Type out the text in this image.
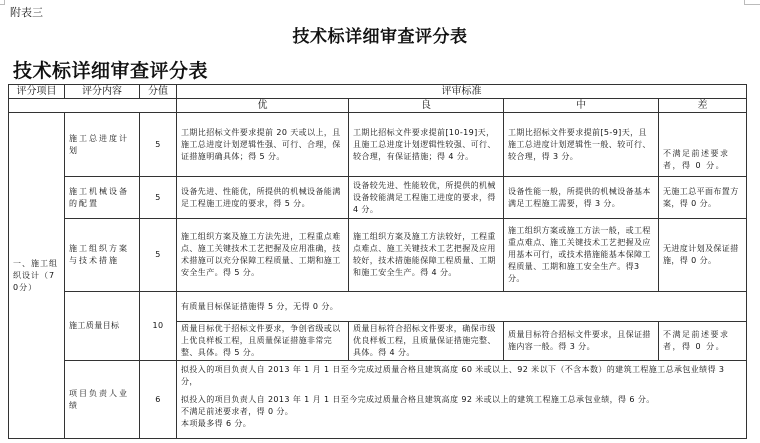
附表三
技术标详细审查评分表
技术标详细审查评分表
评分项目	评分内容	分值	评审标准			
			优	良	中	差
一、施工组织设计（70分）	施工总进度计划	5	工期比招标文件要求提前 20 天或以上，且施工总进度计划逻辑性强、可行、合理，保证措施明确具体；得 5 分。	工期比招标文件要求提前[10-19]天，且施工总进度计划逻辑性较强、可行、较合理，有保证措施；得 4 分。	工期比招标文件要求提前[5-9]天，且施工总进度计划逻辑性一般、较可行、较合理，得 3 分。	不满足前述要求者，得 0 分。
	施工机械设备的配置	5	设备先进、性能优，所提供的机械设备能满足工程施工进度的要求，得 5 分。	设备较先进、性能较优，所提供的机械设备较能满足工程施工进度的要求，得 4 分。	设备性能一般，所提供的机械设备基本满足工程施工需要，得 3 分。	无施工总平面布置方案，得 0 分。
	施工组织方案与技术措施	5	施工组织方案及施工方法先进，工程重点难点、施工关键技术工艺把握及应用准确，技术措施可以充分保障工程质量、工期和施工安全生产。得 5 分。	施工组织方案及施工方法较好，工程重点难点、施工关键技术工艺把握及应用较好，技术措施能保障工程质量、工期和施工安全生产。得 4 分。	施工组织方案或施工方法一般，或工程重点难点、施工关键技术工艺把握及应用基本可行，或技术措施能基本保障工程质量、工期和施工安全生产。得3 分。	无进度计划及保证措施，得 0 分。
	施工质量目标	10	有质量目标保证措施得 5 分，无得 0 分。			
			质量目标优于招标文件要求，争创省级或以上优良样板工程，且质量保证措施非常完整、具体。得 5 分。	质量目标符合招标文件要求，确保市级优良样板工程，且质量保证措施完整、具体。得 4 分。	质量目标符合招标文件要求，且保证措施内容一般。得 3 分。	不满足前述要求者，得 0 分。
	项目负责人业绩	6	拟投入的项目负责人自 2013 年 1 月 1 日至今完成过质量合格且建筑高度 60 米或以上、92 米以下（不含本数）的建筑工程施工总承包业绩得 3 分，
拟投入的项目负责人自 2013 年 1 月 1 日至今完成过质量合格且建筑高度 92 米或以上的建筑工程施工总承包业绩，得 6 分。
不满足前述要求者，得 0 分。
本项最多得 6 分。			
